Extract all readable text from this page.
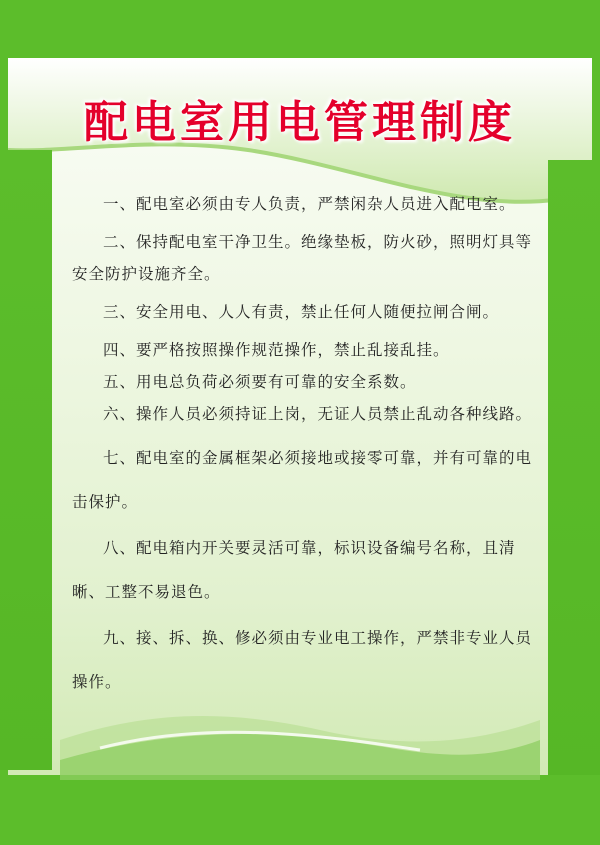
配电室用电管理制度

一、配电室必须由专人负责，严禁闲杂人员进入配电室。

二、保持配电室干净卫生。绝缘垫板，防火砂，照明灯具等安全防护设施齐全。

三、安全用电、人人有责，禁止任何人随便拉闸合闸。

四、要严格按照操作规范操作，禁止乱接乱挂。

五、用电总负荷必须要有可靠的安全系数。

六、操作人员必须持证上岗，无证人员禁止乱动各种线路。

七、配电室的金属框架必须接地或接零可靠，并有可靠的电击保护。

八、配电箱内开关要灵活可靠，标识设备编号名称，且清晰、工整不易退色。

九、接、拆、换、修必须由专业电工操作，严禁非专业人员操作。
